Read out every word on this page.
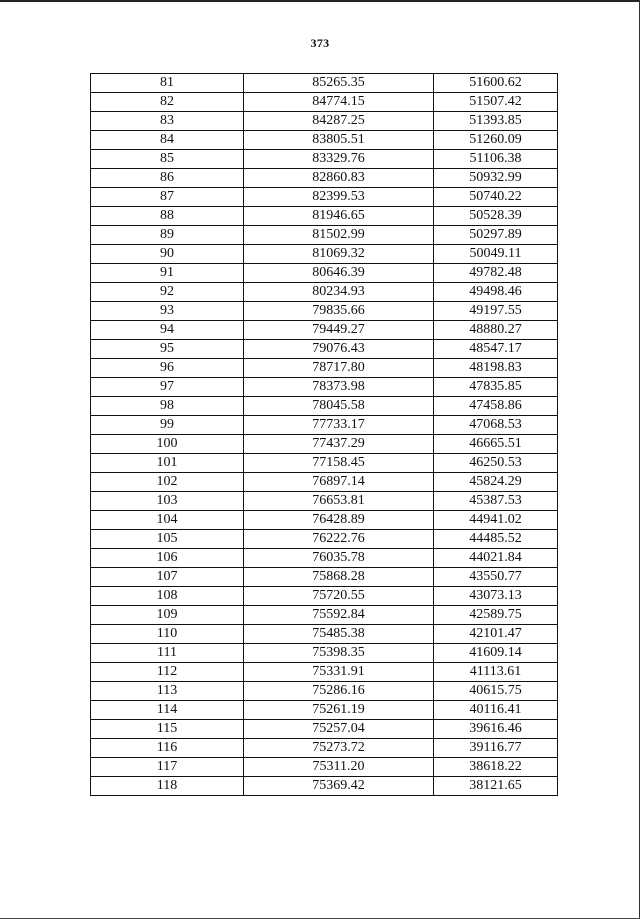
373
81	85265.35	51600.62
82	84774.15	51507.42
83	84287.25	51393.85
84	83805.51	51260.09
85	83329.76	51106.38
86	82860.83	50932.99
87	82399.53	50740.22
88	81946.65	50528.39
89	81502.99	50297.89
90	81069.32	50049.11
91	80646.39	49782.48
92	80234.93	49498.46
93	79835.66	49197.55
94	79449.27	48880.27
95	79076.43	48547.17
96	78717.80	48198.83
97	78373.98	47835.85
98	78045.58	47458.86
99	77733.17	47068.53
100	77437.29	46665.51
101	77158.45	46250.53
102	76897.14	45824.29
103	76653.81	45387.53
104	76428.89	44941.02
105	76222.76	44485.52
106	76035.78	44021.84
107	75868.28	43550.77
108	75720.55	43073.13
109	75592.84	42589.75
110	75485.38	42101.47
111	75398.35	41609.14
112	75331.91	41113.61
113	75286.16	40615.75
114	75261.19	40116.41
115	75257.04	39616.46
116	75273.72	39116.77
117	75311.20	38618.22
118	75369.42	38121.65
